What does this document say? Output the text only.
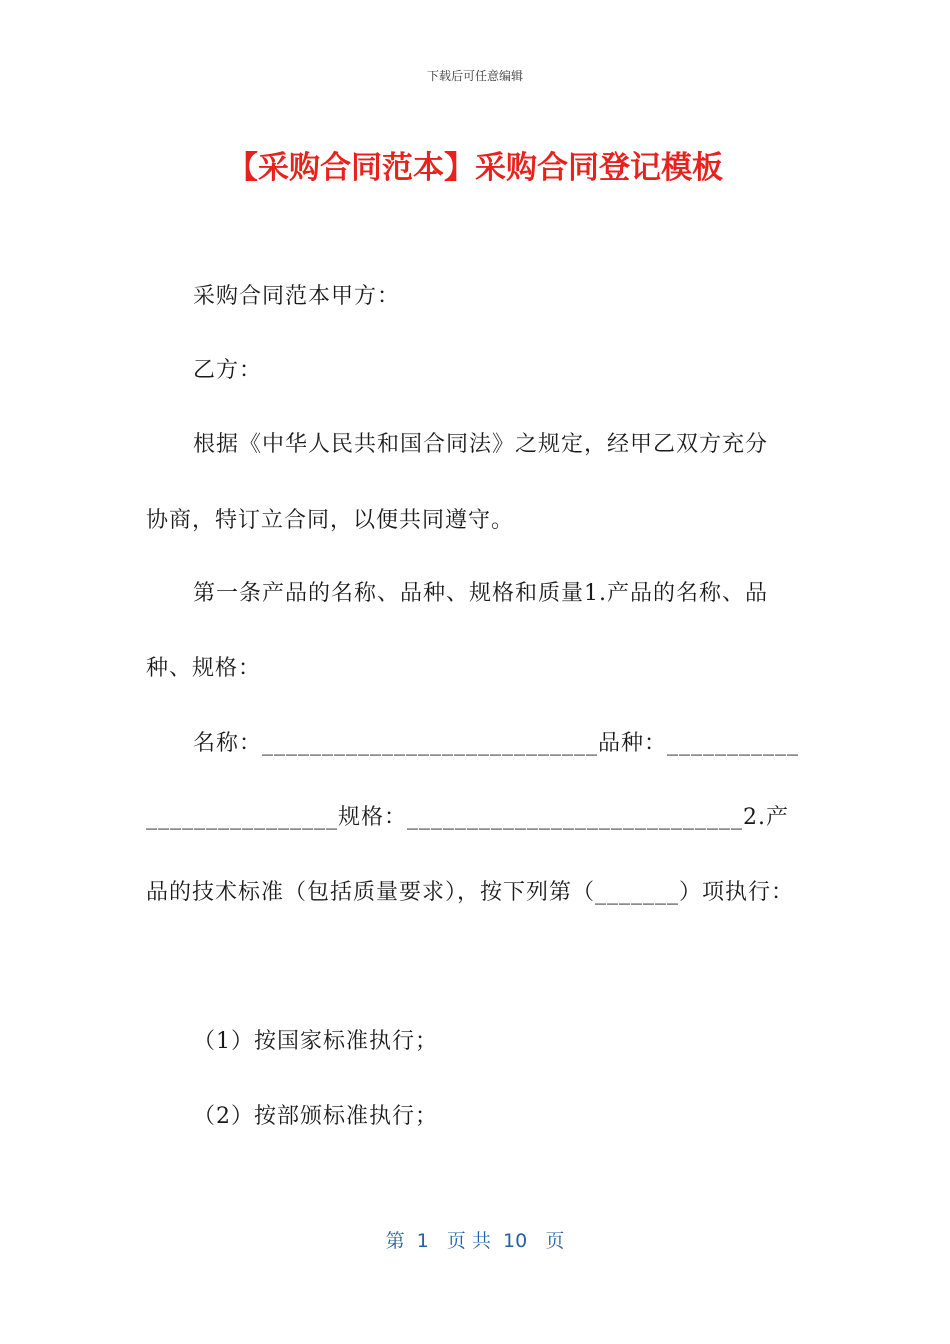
下载后可任意编辑
【采购合同范本】采购合同登记模板
采购合同范本甲方：
乙方：
根据《中华人民共和国合同法》之规定，经甲乙双方充分
协商，特订立合同，以便共同遵守。
第一条产品的名称、品种、规格和质量1.产品的名称、品
种、规格：
名称：____________________________品种：___________
________________规格：____________________________2.产
品的技术标准（包括质量要求），按下列第（_______）项执行：
（1）按国家标准执行；
（2）按部颁标准执行；
第  1   页 共  10   页
